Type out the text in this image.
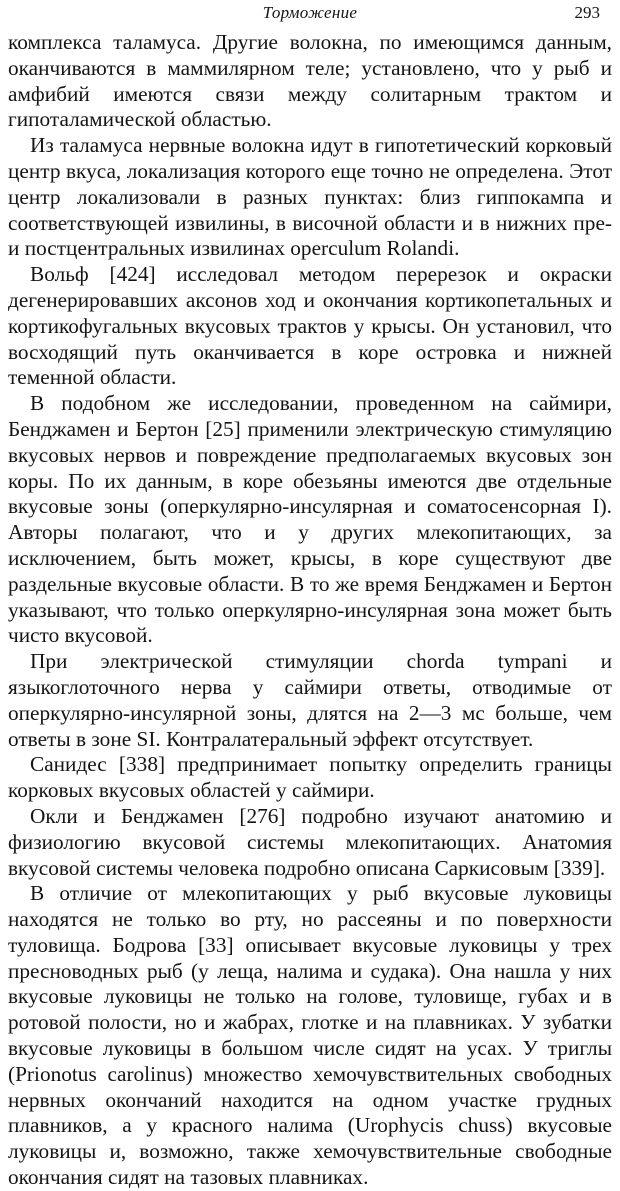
Торможение	293

комплекса таламуса. Другие волокна, по имеющимся данным, оканчиваются в маммилярном теле; установлено, что у рыб и амфибий имеются связи между солитарным трактом и гипоталамической областью.

Из таламуса нервные волокна идут в гипотетический корковый центр вкуса, локализация которого еще точно не определена. Этот центр локализовали в разных пунктах: близ гиппокампа и соответствующей извилины, в височной области и в нижних пре- и постцентральных извилинах operculum Rolandi.

Вольф [424] исследовал методом перерезок и окраски дегенерировавших аксонов ход и окончания кортикопетальных и кортикофугальных вкусовых трактов у крысы. Он установил, что восходящий путь оканчивается в коре островка и нижней теменной области.

В подобном же исследовании, проведенном на саймири, Бенджамен и Бертон [25] применили электрическую стимуляцию вкусовых нервов и повреждение предполагаемых вкусовых зон коры. По их данным, в коре обезьяны имеются две отдельные вкусовые зоны (оперкулярно-инсулярная и соматосенсорная I). Авторы полагают, что и у других млекопитающих, за исключением, быть может, крысы, в коре существуют две раздельные вкусовые области. В то же время Бенджамен и Бертон указывают, что только оперкулярно-инсулярная зона может быть чисто вкусовой.

При электрической стимуляции chorda tympani и языкоглоточного нерва у саймири ответы, отводимые от оперкулярно-инсулярной зоны, длятся на 2—3 мс больше, чем ответы в зоне SI. Контралатеральный эффект отсутствует.

Санидес [338] предпринимает попытку определить границы корковых вкусовых областей у саймири.

Окли и Бенджамен [276] подробно изучают анатомию и физиологию вкусовой системы млекопитающих. Анатомия вкусовой системы человека подробно описана Саркисовым [339].

В отличие от млекопитающих у рыб вкусовые луковицы находятся не только во рту, но рассеяны и по поверхности туловища. Бодрова [33] описывает вкусовые луковицы у трех пресноводных рыб (у леща, налима и судака). Она нашла у них вкусовые луковицы не только на голове, туловище, губах и в ротовой полости, но и жабрах, глотке и на плавниках. У зубатки вкусовые луковицы в большом числе сидят на усах. У триглы (Prionotus carolinus) множество хемочувствительных свободных нервных окончаний находится на одном участке грудных плавников, а у красного налима (Urophycis chuss) вкусовые луковицы и, возможно, также хемочувствительные свободные окончания сидят на тазовых плавниках.
